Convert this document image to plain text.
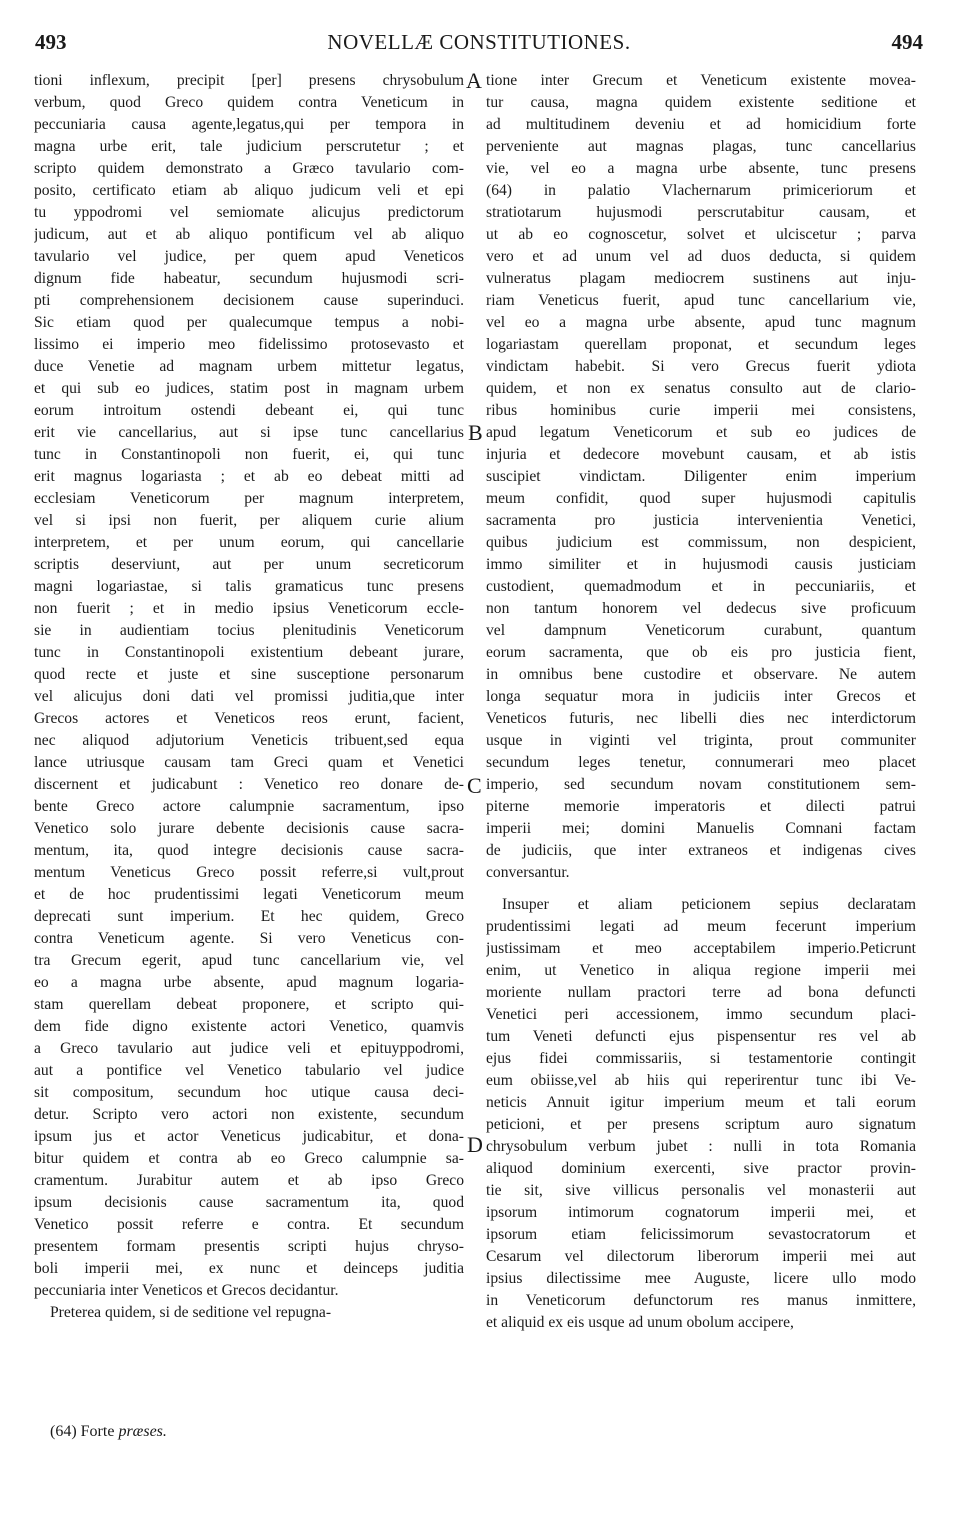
493	NOVELLÆ CONSTITUTIONES.	494
tioni inflexum, precipit [per] presens chrysobulum
verbum, quod Greco quidem contra Veneticum in
peccuniaria causa agente,legatus,qui per tempora in
magna urbe erit, tale judicium perscrutetur ; et
scripto quidem demonstrato a Græco tavulario com-
posito, certificato etiam ab aliquo judicum veli et epi
tu yppodromi vel semiomate alicujus predictorum
judicum, aut et ab aliquo pontificum vel ab aliquo
tavulario vel judice, per quem apud Veneticos
dignum fide habeatur, secundum hujusmodi scri-
pti comprehensionem decisionem cause superinduci.
Sic etiam quod per qualecumque tempus a nobi-
lissimo ei imperio meo fidelissimo protosevasto et
duce Venetie ad magnam urbem mittetur legatus,
et qui sub eo judices, statim post in magnam urbem
eorum introitum ostendi debeant ei, qui tunc
erit vie cancellarius, aut si ipse tunc cancellarius
tunc in Constantinopoli non fuerit, ei, qui tunc
erit magnus logariasta ; et ab eo debeat mitti ad
ecclesiam Veneticorum per magnum interpretem,
vel si ipsi non fuerit, per aliquem curie alium
interpretem, et per unum eorum, qui cancellarie
scriptis deserviunt, aut per unum secreticorum
magni logariastae, si talis gramaticus tunc presens
non fuerit ; et in medio ipsius Veneticorum eccle-
sie in audientiam tocius plenitudinis Veneticorum
tunc in Constantinopoli existentium debeant jurare,
quod recte et juste et sine susceptione personarum
vel alicujus doni dati vel promissi juditia,que inter
Grecos actores et Veneticos reos erunt, facient,
nec aliquod adjutorium Veneticis tribuent,sed equa
lance utriusque causam tam Greci quam et Venetici
discernent et judicabunt : Venetico reo donare de-
bente Greco actore calumpnie sacramentum, ipso
Venetico solo jurare debente decisionis cause sacra-
mentum, ita, quod integre decisionis cause sacra-
mentum Veneticus Greco possit referre,si vult,prout
et de hoc prudentissimi legati Veneticorum meum
deprecati sunt imperium. Et hec quidem, Greco
contra Veneticum agente. Si vero Veneticus con-
tra Grecum egerit, apud tunc cancellarium vie, vel
eo a magna urbe absente, apud magnum logaria-
stam querellam debeat proponere, et scripto qui-
dem fide digno existente actori Venetico, quamvis
a Greco tavulario aut judice veli et epituyppodromi,
aut a pontifice vel Venetico tabulario vel judice
sit compositum, secundum hoc utique causa deci-
detur. Scripto vero actori non existente, secundum
ipsum jus et actor Veneticus judicabitur, et dona-
bitur quidem et contra ab eo Greco calumpnie sa-
cramentum. Jurabitur autem et ab ipso Greco
ipsum decisionis cause sacramentum ita, quod
Venetico possit referre e contra. Et secundum
presentem formam presentis scripti hujus chryso-
boli imperii mei, ex nunc et deinceps juditia
peccuniaria inter Veneticos et Grecos decidantur.
Preterea quidem, si de seditione vel repugna-
tione inter Grecum et Veneticum existente movea-
tur causa, magna quidem existente seditione et
ad multitudinem deveniu et ad homicidium forte
perveniente aut magnas plagas, tunc cancellarius
vie, vel eo a magna urbe absente, tunc presens
(64) in palatio Vlachernarum primiceriorum et
stratiotarum hujusmodi perscrutabitur causam, et
ut ab eo cognoscetur, solvet et ulciscetur ; parva
vero et ad unum vel ad duos deducta, si quidem
vulneratus plagam mediocrem sustinens aut inju-
riam Veneticus fuerit, apud tunc cancellarium vie,
vel eo a magna urbe absente, apud tunc magnum
logariastam querellam proponat, et secundum leges
vindictam habebit. Si vero Grecus fuerit ydiota
quidem, et non ex senatus consulto aut de clario-
ribus hominibus curie imperii mei consistens,
apud legatum Veneticorum et sub eo judices de
injuria et dedecore movebunt causam, et ab istis
suscipiet vindictam. Diligenter enim imperium
meum confidit, quod super hujusmodi capitulis
sacramenta pro justicia intervenientia Venetici,
quibus judicium est commissum, non despicient,
immo similiter et in hujusmodi causis justiciam
custodient, quemadmodum et in peccuniariis, et
non tantum honorem vel dedecus sive proficuum
vel dampnum Veneticorum curabunt, quantum
eorum sacramenta, que ob eis pro justicia fient,
in omnibus bene custodire et observare. Ne autem
longa sequatur mora in judiciis inter Grecos et
Veneticos futuris, nec libelli dies nec interdictorum
usque in viginti vel triginta, prout communiter
secundum leges tenetur, connumerari meo placet
imperio, sed secundum novam constitutionem sem-
piterne memorie imperatoris et dilecti patrui
imperii mei; domini Manuelis Comnani factam
de judiciis, que inter extraneos et indigenas cives
conversantur.
Insuper et aliam peticionem sepius declaratam
prudentissimi legati ad meum fecerunt imperium
justissimam et meo acceptabilem imperio.Peticrunt
enim, ut Venetico in aliqua regione imperii mei
moriente nullam practori terre ad bona defuncti
Venetici peri accessionem, immo secundum placi-
tum Veneti defuncti ejus pispensentur res vel ab
ejus fidei commissariis, si testamentorie contingit
eum obiisse,vel ab hiis qui reperirentur tunc ibi Ve-
neticis Annuit igitur imperium meum et tali eorum
peticioni, et per presens scriptum auro signatum
chrysobulum verbum jubet : nulli in tota Romania
aliquod dominium exercenti, sive practor provin-
tie sit, sive villicus personalis vel monasterii aut
ipsorum intimorum cognatorum imperii mei, et
ipsorum etiam felicissimorum sevastocratorum et
Cesarum vel dilectorum liberorum imperii mei aut
ipsius dilectissime mee Auguste, licere ullo modo
in Veneticorum defunctorum res manus inmittere,
et aliquid ex eis usque ad unum obolum accipere,
A
B
C
D
(64) Forte præses.
